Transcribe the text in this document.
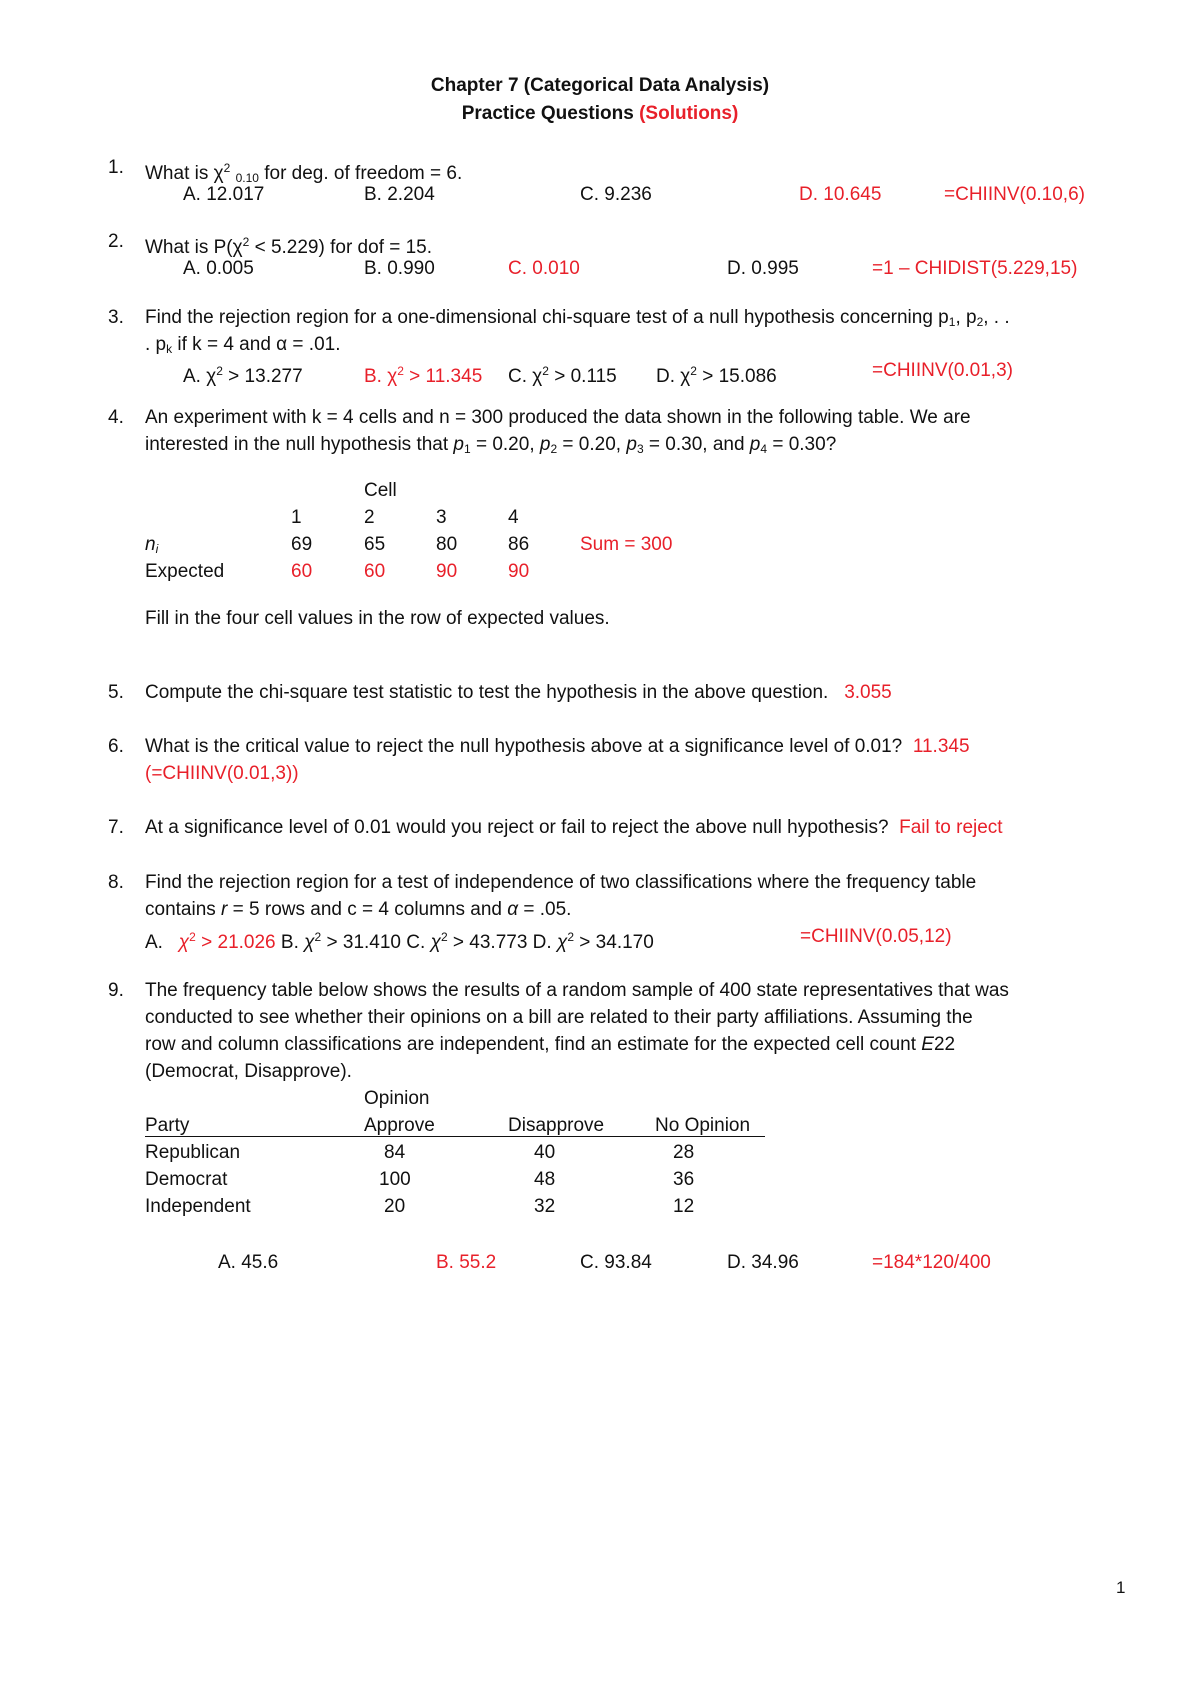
Chapter 7 (Categorical Data Analysis)
Practice Questions (Solutions)
1. What is $\chi^2$ $_{0.10}$ for deg. of freedom = 6.
A. 12.017	B. 2.204	C. 9.236	D. 10.645	=CHIINV(0.10,6)
2. What is $P(\chi^2 < 5.229)$ for dof = 15.
A. 0.005	B. 0.990	C. 0.010	D. 0.995	=1 – CHIDIST(5.229,15)
3. Find the rejection region for a one-dimensional chi-square test of a null hypothesis concerning $p_1$, $p_2$, . .
. $p_k$ if k = 4 and α = .01.
A. $\chi^2 > 13.277$	B. $\chi^2 > 11.345$ C. $\chi^2 > 0.115$ D. $\chi^2 > 15.086$	=CHIINV(0.01,3)
4. An experiment with k = 4 cells and n = 300 produced the data shown in the following table. We are
interested in the null hypothesis that $p_1 = 0.20$, $p_2 = 0.20$, $p_3 = 0.30$, and $p_4 = 0.30$?
Cell
1	2	3	4
$n_i$	69	65	80	86	Sum = 300
Expected	60	60	90	90
Fill in the four cell values in the row of expected values.
5. Compute the chi-square test statistic to test the hypothesis in the above question. 3.055
6. What is the critical value to reject the null hypothesis above at a significance level of 0.01? 11.345
(=CHIINV(0.01,3))
7. At a significance level of 0.01 would you reject or fail to reject the above null hypothesis? Fail to reject
8. Find the rejection region for a test of independence of two classifications where the frequency table
contains r = 5 rows and c = 4 columns and α = .05.
A. $\chi^2 > 21.026$ B. $\chi^2 > 31.410$ C. $\chi^2 > 43.773$ D. $\chi^2 > 34.170$	=CHIINV(0.05,12)
9. The frequency table below shows the results of a random sample of 400 state representatives that was
conducted to see whether their opinions on a bill are related to their party affiliations. Assuming the
row and column classifications are independent, find an estimate for the expected cell count E22
(Democrat, Disapprove).
Opinion
Party	Approve	Disapprove	No Opinion
Republican	84	40	28
Democrat	100	48	36
Independent	20	32	12
A. 45.6	B. 55.2	C. 93.84	D. 34.96	=184*120/400
1
